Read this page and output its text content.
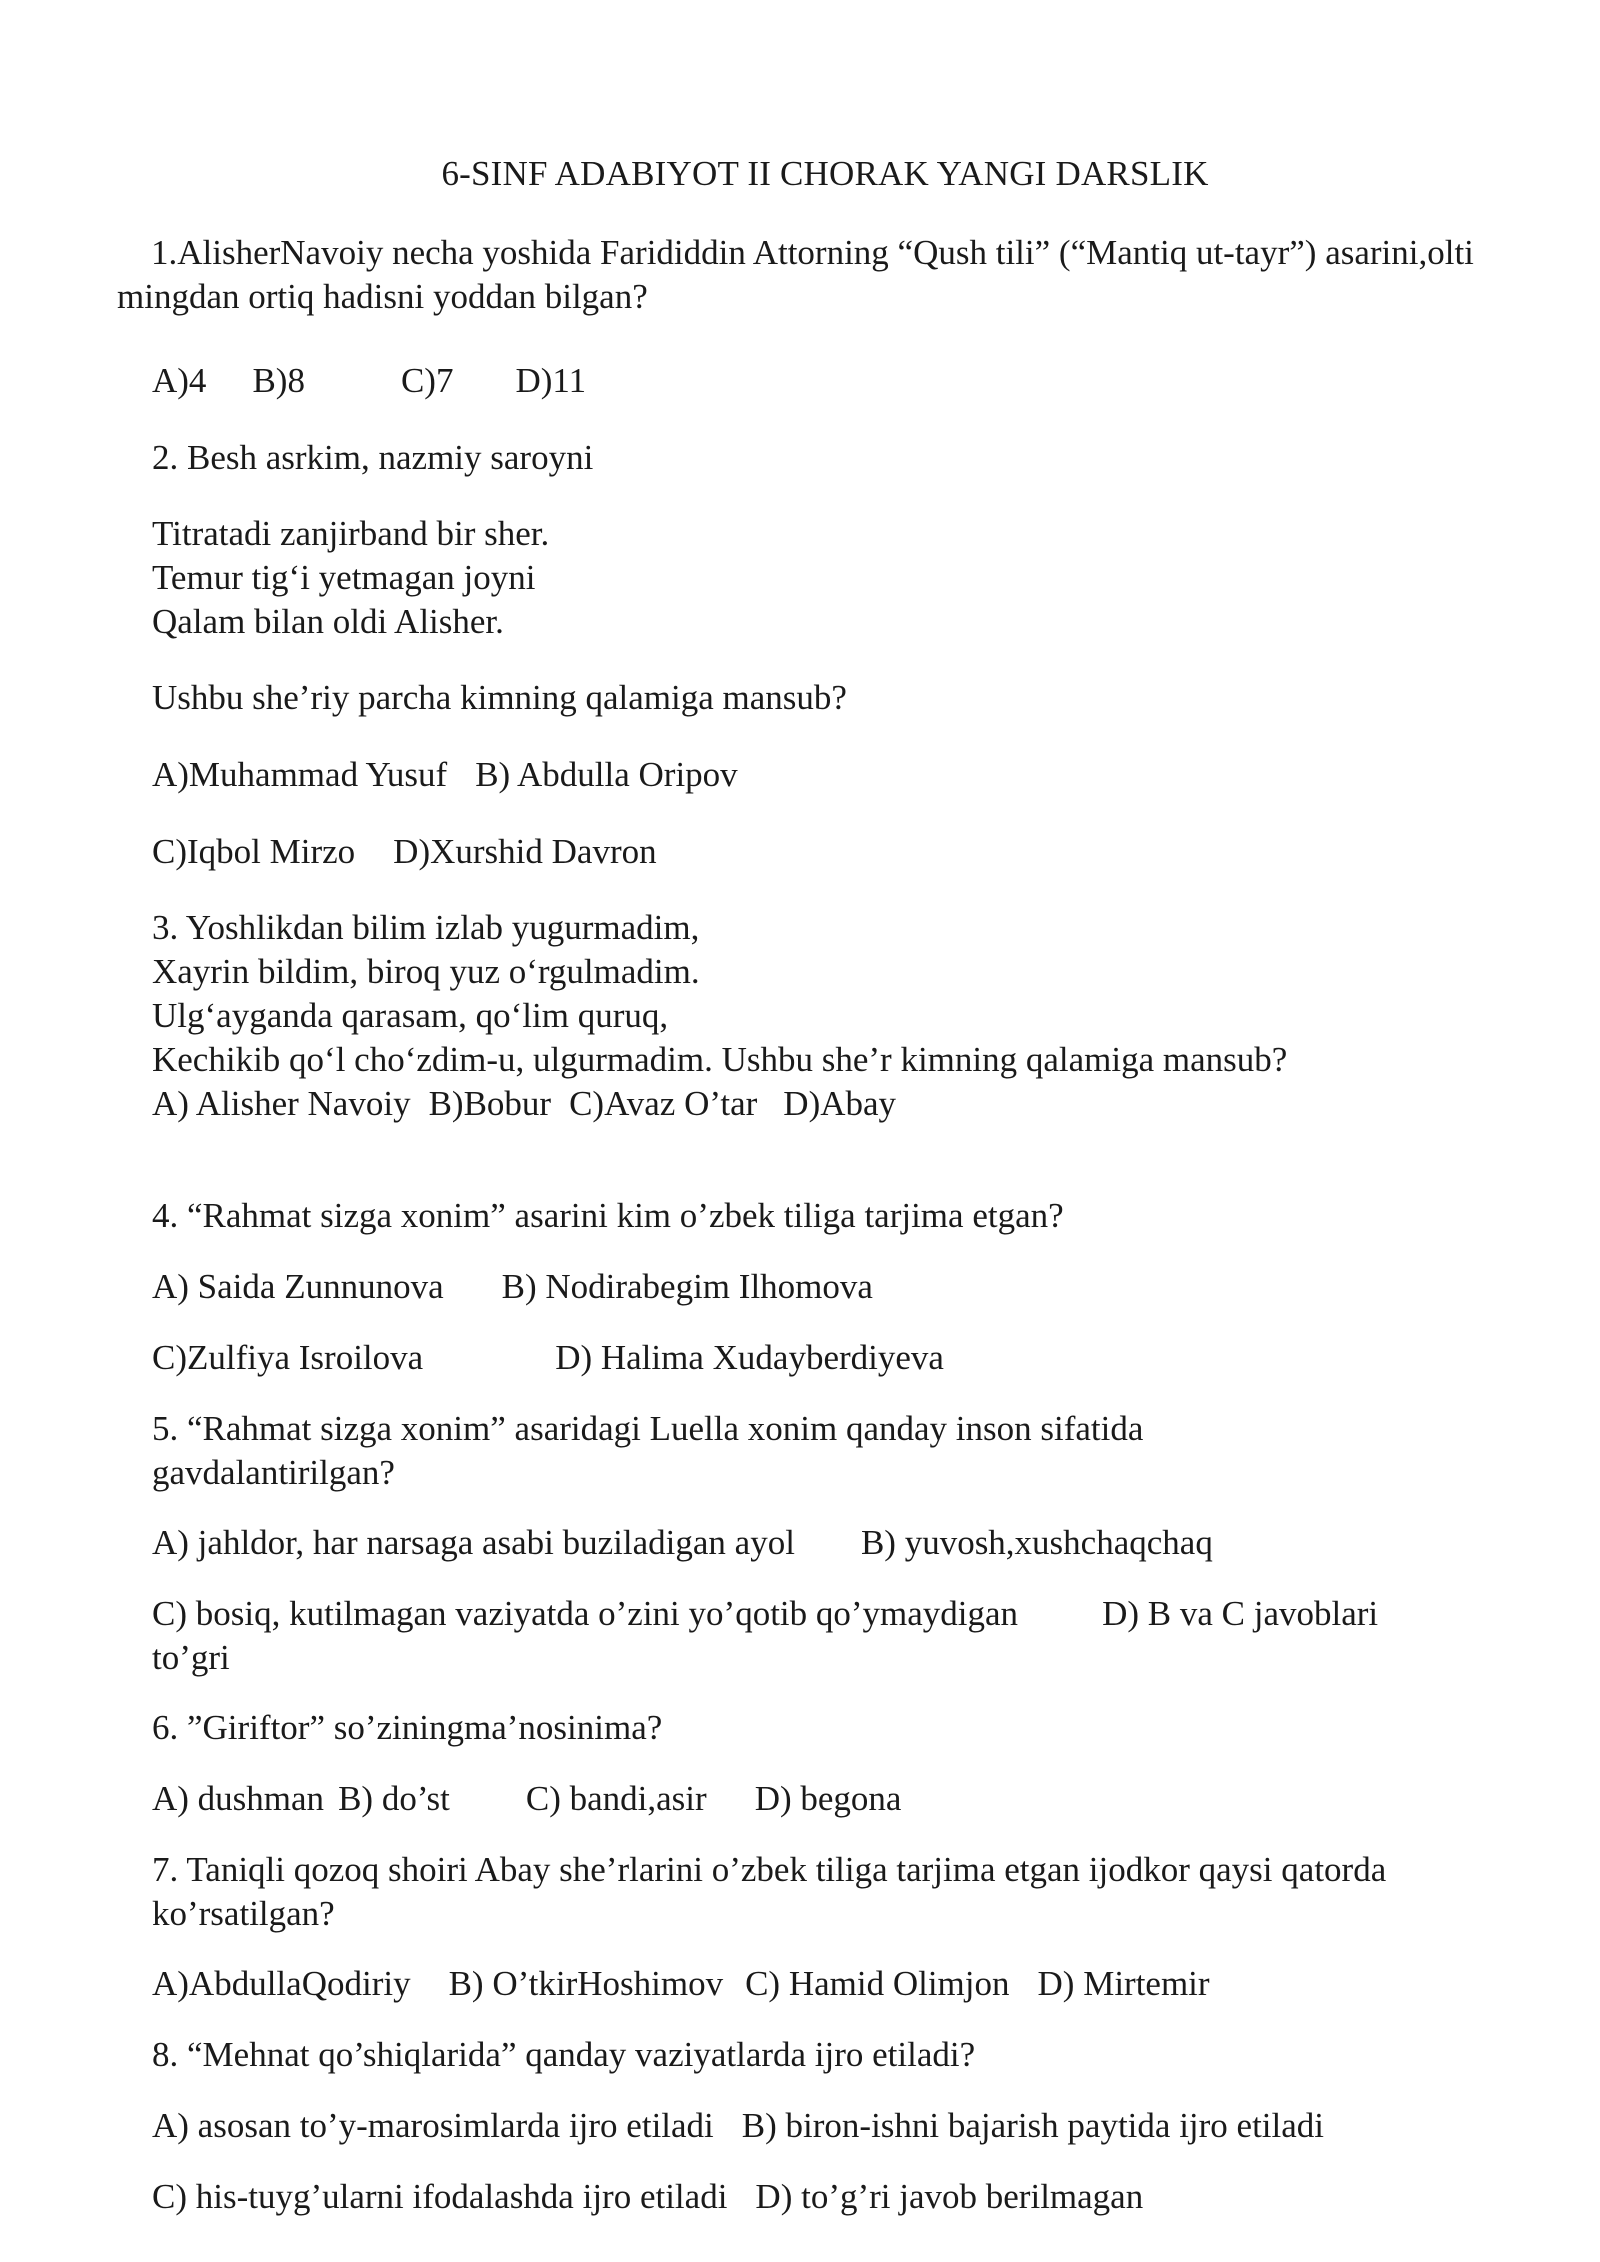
6-SINF ADABIYOT II CHORAK YANGI DARSLIK
1.AlisherNavoiy necha yoshida Farididdin Attorning “Qush tili” (“Mantiq ut-tayr”) asarini,olti mingdan ortiq hadisni yoddan bilgan?
A)4 B)8	C)7 D)11
2. Besh asrkim, nazmiy saroyni
Titratadi zanjirband bir sher.
Temur tig‘i yetmagan joyni
Qalam bilan oldi Alisher.
Ushbu she’riy parcha kimning qalamiga mansub?
A)Muhammad Yusuf B) Abdulla Oripov
C)Iqbol Mirzo D)Xurshid Davron
3. Yoshlikdan bilim izlab yugurmadim,
Xayrin bildim, biroq yuz o‘rgulmadim.
Ulg‘ayganda qarasam, qo‘lim quruq,
Kechikib qo‘l cho‘zdim-u, ulgurmadim. Ushbu she’r kimning qalamiga mansub?
A) Alisher Navoiy B)Bobur C)Avaz O’tar D)Abay
4. “Rahmat sizga xonim” asarini kim o’zbek tiliga tarjima etgan?
A) Saida Zunnunova B) Nodirabegim Ilhomova
C)Zulfiya Isroilova	D) Halima Xudayberdiyeva
5. “Rahmat sizga xonim” asaridagi Luella xonim qanday inson sifatida
gavdalantirilgan?
A) jahldor, har narsaga asabi buziladigan ayol B) yuvosh,xushchaqchaq
C) bosiq, kutilmagan vaziyatda o’zini yo’qotib qo’ymaydigan D) B va C javoblari
to’gri
6. ”Giriftor” so’ziningma’nosinima?
A) dushman B) do’st C) bandi,asir D) begona
7. Taniqli qozoq shoiri Abay she’rlarini o’zbek tiliga tarjima etgan ijodkor qaysi qatorda
ko’rsatilgan?
A)AbdullaQodiriy B) O’tkirHoshimov C) Hamid Olimjon D) Mirtemir
8. “Mehnat qo’shiqlarida” qanday vaziyatlarda ijro etiladi?
A) asosan to’y-marosimlarda ijro etiladi B) biron-ishni bajarish paytida ijro etiladi
C) his-tuyg’ularni ifodalashda ijro etiladi D) to’g’ri javob berilmagan
